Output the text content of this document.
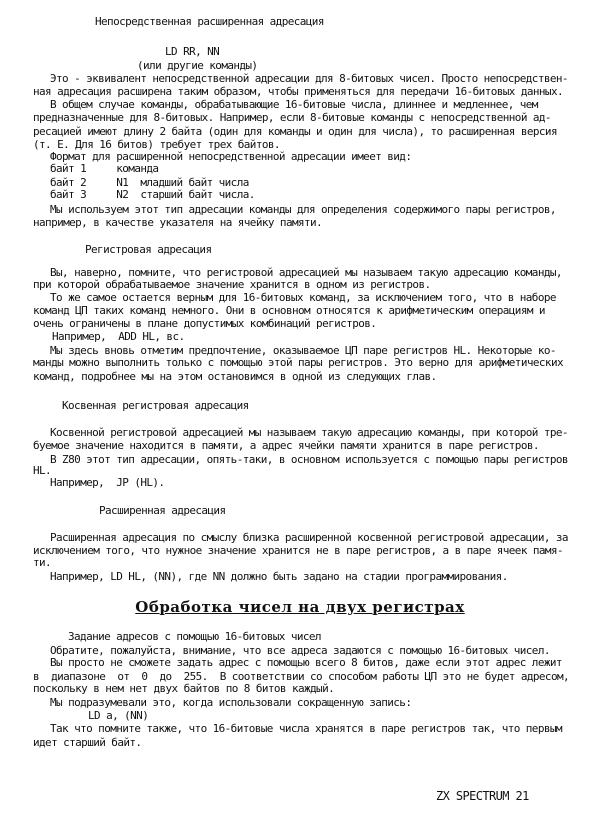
Непосредственная расширенная адресация
LD RR, NN
(или другие команды)
Это - эквивалент непосредственной адресации для 8-битовых чисел. Просто непосредствен-
ная адресация расширена таким образом, чтобы применяться для передачи 16-битовых данных.
В общем случае команды, обрабатывающие 16-битовые числа, длиннее и медленнее, чем
предназначенные для 8-битовых. Например, если 8-битовые команды с непосредственной ад-
ресацией имеют длину 2 байта (один для команды и один для числа), то расширенная версия
(т. Е. Для 16 битов) требует трех байтов.
Формат для расширенной непосредственной адресации имеет вид:
байт 1     команда
байт 2     N1  младший байт числа
байт 3     N2  старший байт числа.
Мы используем этот тип адресации команды для определения содержимого пары регистров,
например, в качестве указателя на ячейку памяти.
Регистровая адресация
Вы, наверно, помните, что регистровой адресацией мы называем такую адресацию команды,
при которой обрабатываемое значение хранится в одном из регистров.
То же самое остается верным для 16-битовых команд, за исключением того, что в наборе
команд ЦП таких команд немного. Они в основном относятся к арифметическим операциям и
очень ограничены в плане допустимых комбинаций регистров.
Например,  ADD HL, вс.
Мы здесь вновь отметим предпочтение, оказываемое ЦП паре регистров HL. Некоторые ко-
манды можно выполнить только с помощью этой пары регистров. Это верно для арифметических
команд, подробнее мы на этом остановимся в одной из следующих глав.
Косвенная регистровая адресация
Косвенной регистровой адресацией мы называем такую адресацию команды, при которой тре-
буемое значение находится в памяти, а адрес ячейки памяти хранится в паре регистров.
В Z80 этот тип адресации, опять-таки, в основном используется с помощью пары регистров
HL.
Например,  JP (HL).
Расширенная адресация
Расширенная адресация по смыслу близка расширенной косвенной регистровой адресации, за
исключением того, что нужное значение хранится не в паре регистров, а в паре ячеек памя-
ти.
Например, LD HL, (NN), где NN должно быть задано на стадии программирования.
Обработка чисел на двух регистрах
Задание адресов с помощью 16-битовых чисел
Обратите, пожалуйста, внимание, что все адреса задаются с помощью 16-битовых чисел.
Вы просто не сможете задать адрес с помощью всего 8 битов, даже если этот адрес лежит
в  диапазоне  от  0  до  255.  В соответствии со способом работы ЦП это не будет адресом,
поскольку в нем нет двух байтов по 8 битов каждый.
Мы подразумевали это, когда использовали сокращенную запись:
LD a, (NN)
Так что помните также, что 16-битовые числа хранятся в паре регистров так, что первым
идет старший байт.
ZX SPECTRUM 21
